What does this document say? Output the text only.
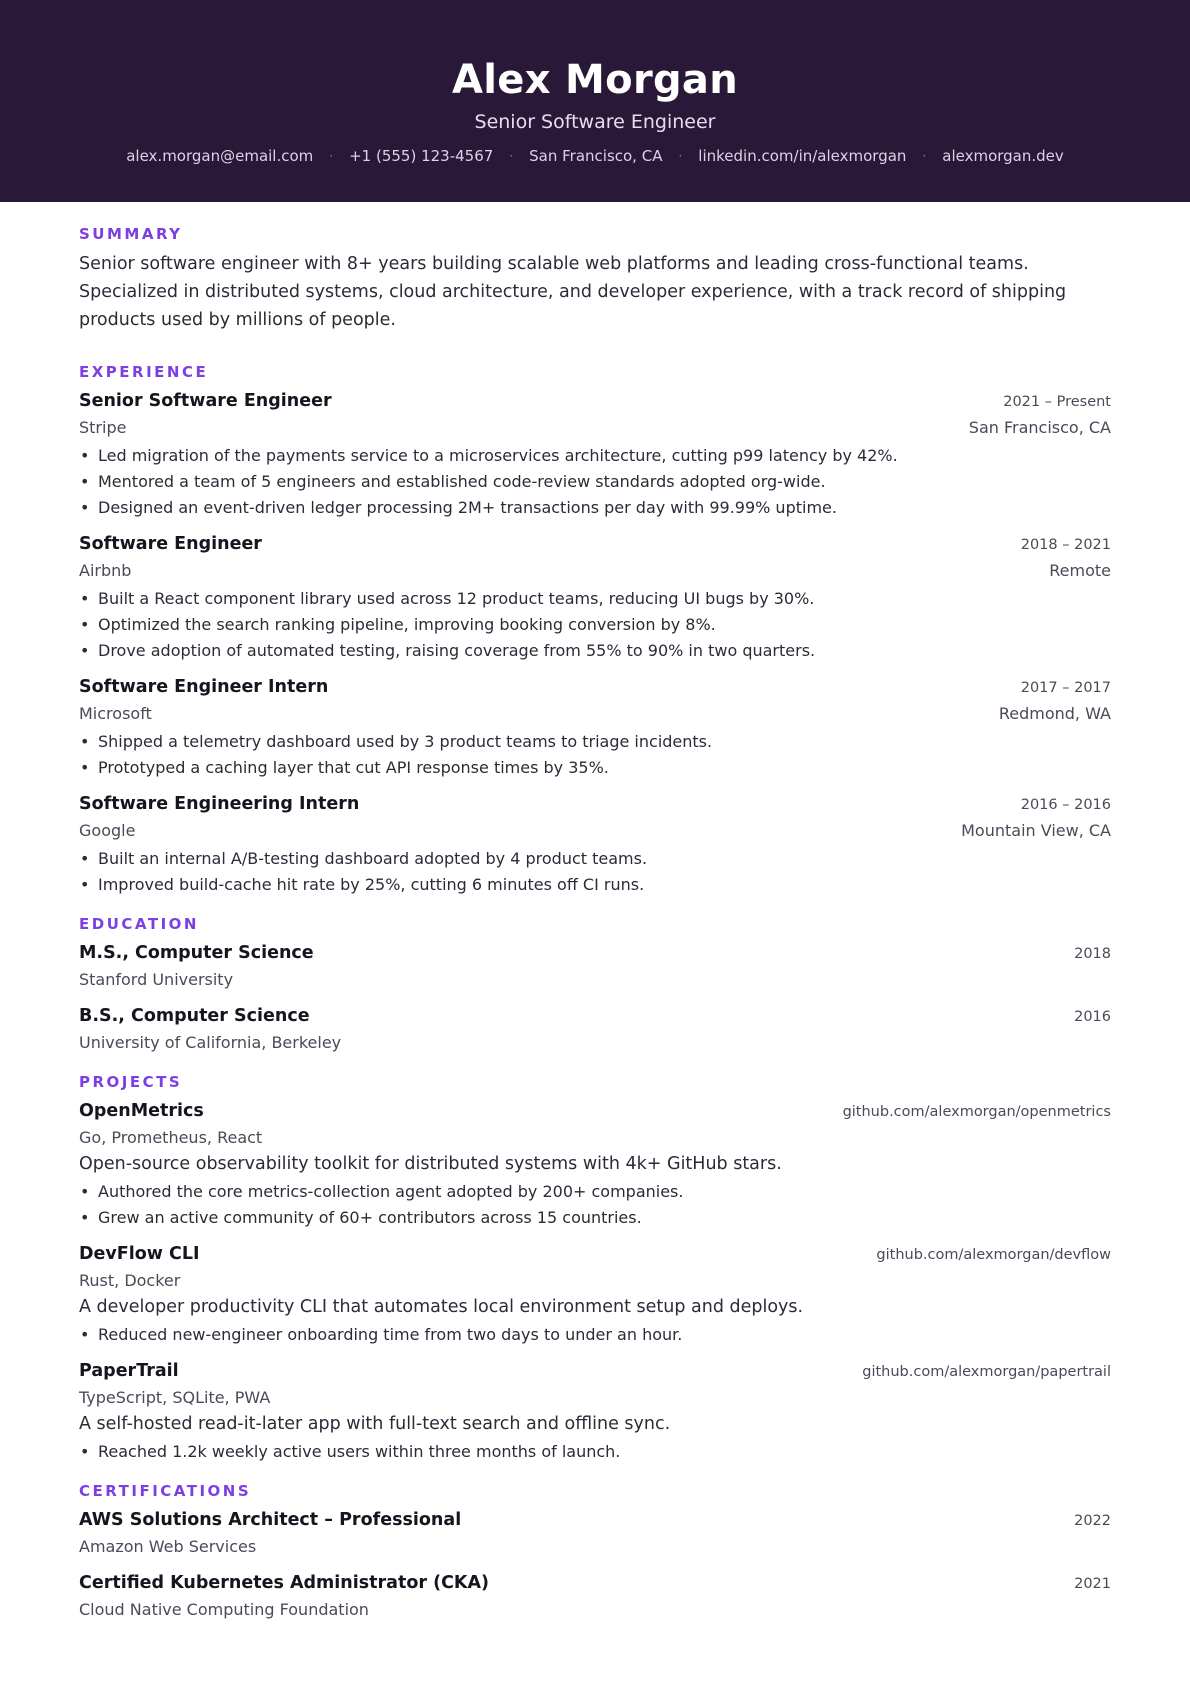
Alex Morgan
Senior Software Engineer
alex.morgan@email.com · +1 (555) 123-4567 · San Francisco, CA · linkedin.com/in/alexmorgan · alexmorgan.dev
SUMMARY
Senior software engineer with 8+ years building scalable web platforms and leading cross-functional teams. Specialized in distributed systems, cloud architecture, and developer experience, with a track record of shipping products used by millions of people.
EXPERIENCE
Senior Software Engineer	2021 – Present
Stripe	San Francisco, CA
• Led migration of the payments service to a microservices architecture, cutting p99 latency by 42%.
• Mentored a team of 5 engineers and established code-review standards adopted org-wide.
• Designed an event-driven ledger processing 2M+ transactions per day with 99.99% uptime.
Software Engineer	2018 – 2021
Airbnb	Remote
• Built a React component library used across 12 product teams, reducing UI bugs by 30%.
• Optimized the search ranking pipeline, improving booking conversion by 8%.
• Drove adoption of automated testing, raising coverage from 55% to 90% in two quarters.
Software Engineer Intern	2017 – 2017
Microsoft	Redmond, WA
• Shipped a telemetry dashboard used by 3 product teams to triage incidents.
• Prototyped a caching layer that cut API response times by 35%.
Software Engineering Intern	2016 – 2016
Google	Mountain View, CA
• Built an internal A/B-testing dashboard adopted by 4 product teams.
• Improved build-cache hit rate by 25%, cutting 6 minutes off CI runs.
EDUCATION
M.S., Computer Science	2018
Stanford University
B.S., Computer Science	2016
University of California, Berkeley
PROJECTS
OpenMetrics	github.com/alexmorgan/openmetrics
Go, Prometheus, React
Open-source observability toolkit for distributed systems with 4k+ GitHub stars.
• Authored the core metrics-collection agent adopted by 200+ companies.
• Grew an active community of 60+ contributors across 15 countries.
DevFlow CLI	github.com/alexmorgan/devflow
Rust, Docker
A developer productivity CLI that automates local environment setup and deploys.
• Reduced new-engineer onboarding time from two days to under an hour.
PaperTrail	github.com/alexmorgan/papertrail
TypeScript, SQLite, PWA
A self-hosted read-it-later app with full-text search and offline sync.
• Reached 1.2k weekly active users within three months of launch.
CERTIFICATIONS
AWS Solutions Architect – Professional	2022
Amazon Web Services
Certified Kubernetes Administrator (CKA)	2021
Cloud Native Computing Foundation
